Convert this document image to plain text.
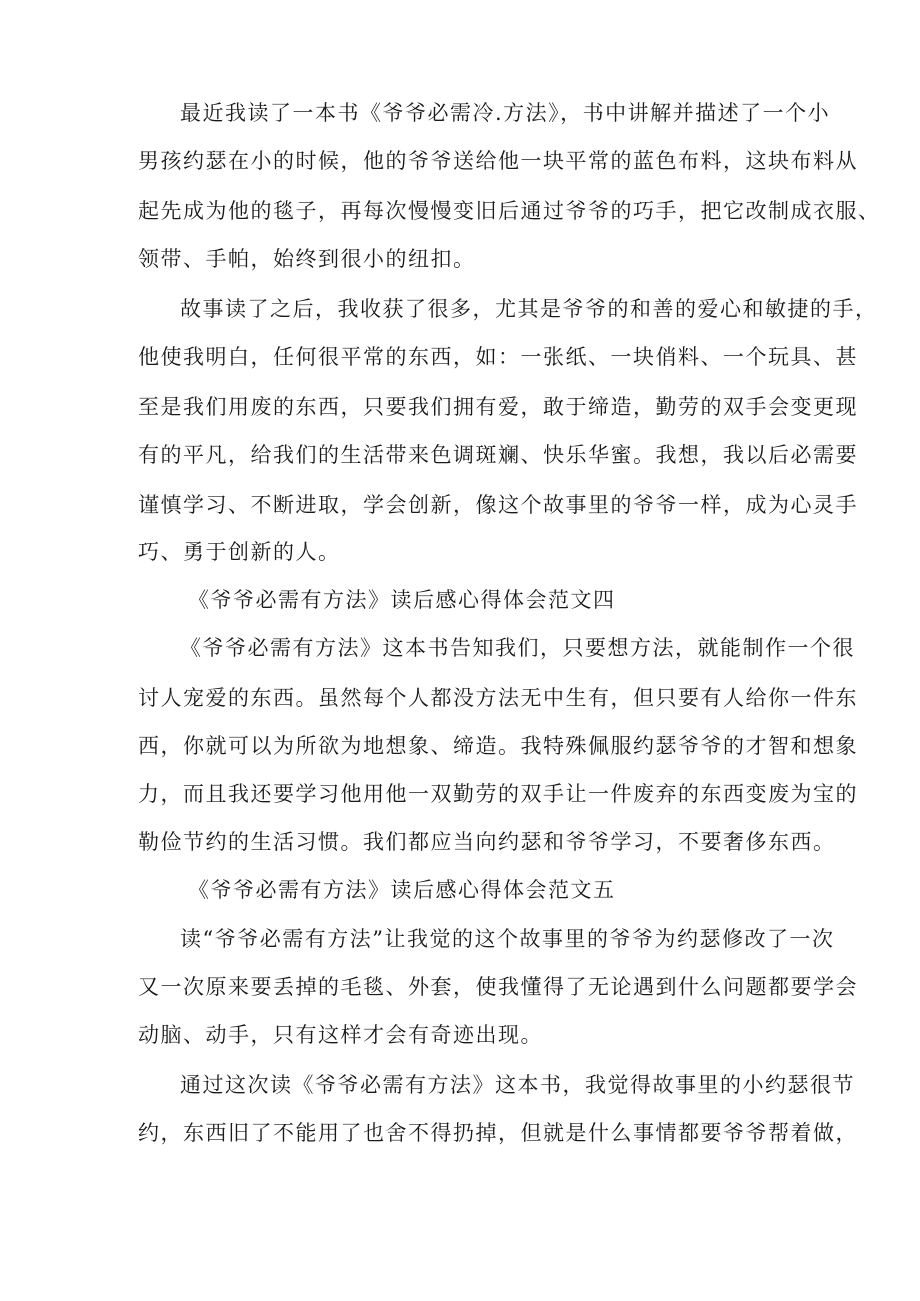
最近我读了一本书《爷爷必需冷.方法》，书中讲解并描述了一个小
男孩约瑟在小的时候，他的爷爷送给他一块平常的蓝色布料，这块布料从
起先成为他的毯子，再每次慢慢变旧后通过爷爷的巧手，把它改制成衣服、
领带、手帕，始终到很小的纽扣。
故事读了之后，我收获了很多，尤其是爷爷的和善的爱心和敏捷的手，
他使我明白，任何很平常的东西，如：一张纸、一块俏料、一个玩具、甚
至是我们用废的东西，只要我们拥有爱，敢于缔造，勤劳的双手会变更现
有的平凡，给我们的生活带来色调斑斓、快乐华蜜。我想，我以后必需要
谨慎学习、不断进取，学会创新，像这个故事里的爷爷一样，成为心灵手
巧、勇于创新的人。
《爷爷必需有方法》读后感心得体会范文四
《爷爷必需有方法》这本书告知我们，只要想方法，就能制作一个很
讨人宠爱的东西。虽然每个人都没方法无中生有，但只要有人给你一件东
西，你就可以为所欲为地想象、缔造。我特殊佩服约瑟爷爷的才智和想象
力，而且我还要学习他用他一双勤劳的双手让一件废弃的东西变废为宝的
勒俭节约的生活习惯。我们都应当向约瑟和爷爷学习，不要奢侈东西。
《爷爷必需有方法》读后感心得体会范文五
读“爷爷必需有方法”让我觉的这个故事里的爷爷为约瑟修改了一次
又一次原来要丢掉的毛毯、外套，使我懂得了无论遇到什么问题都要学会
动脑、动手，只有这样才会有奇迹出现。
通过这次读《爷爷必需有方法》这本书，我觉得故事里的小约瑟很节
约，东西旧了不能用了也舍不得扔掉，但就是什么事情都要爷爷帮着做，
